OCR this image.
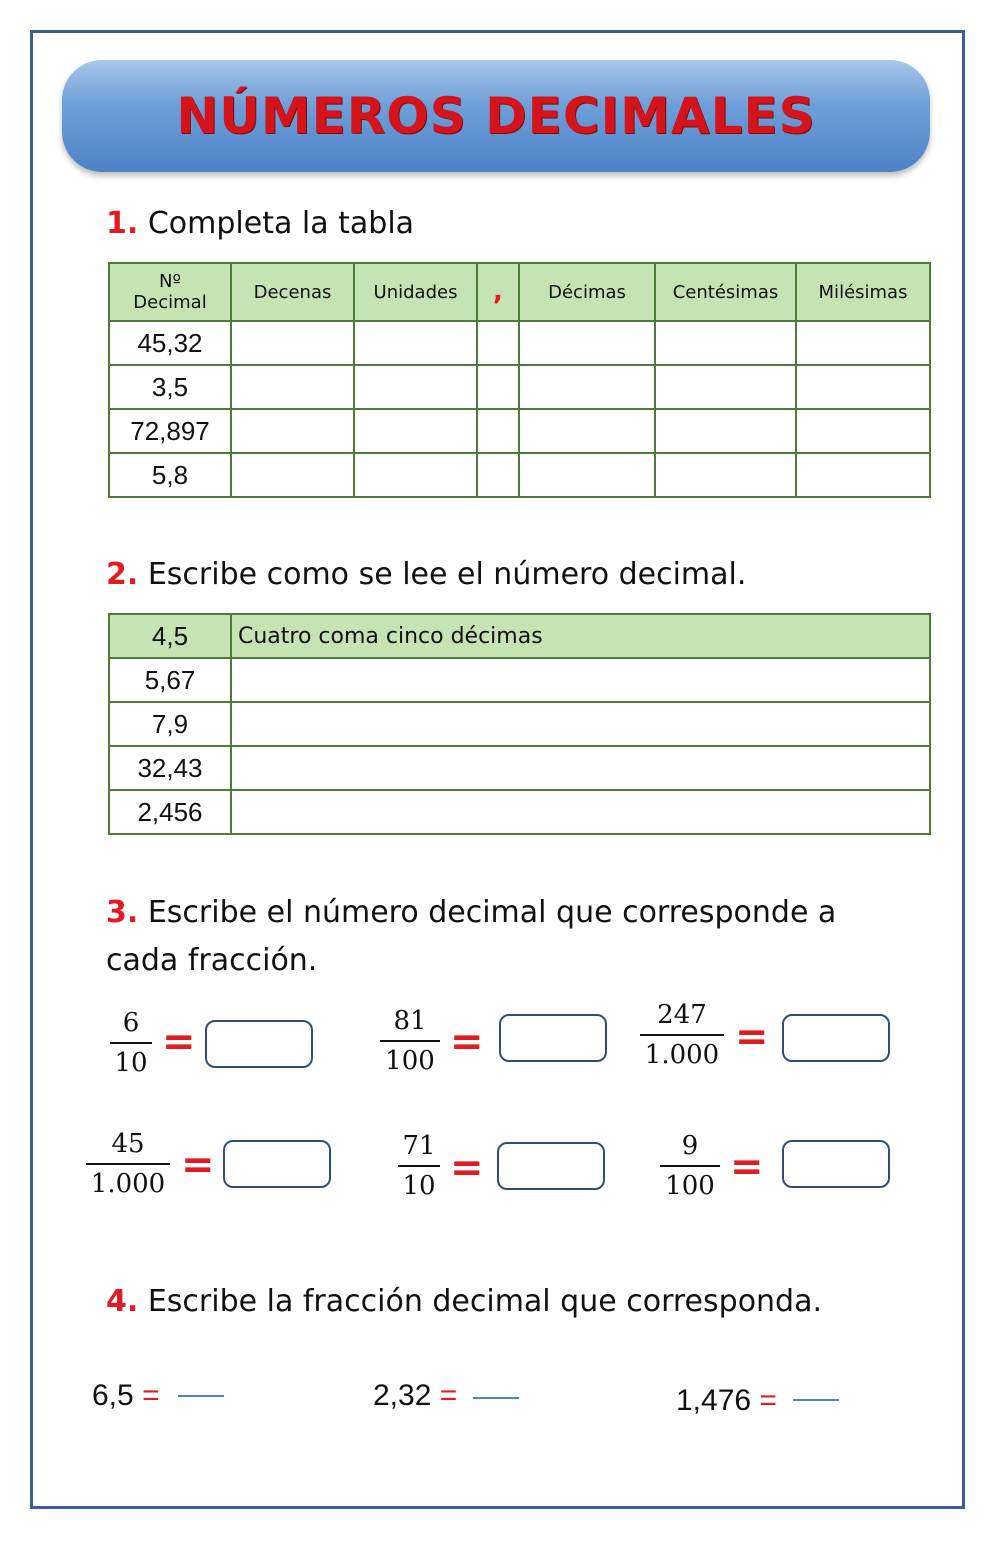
NÚMEROS DECIMALES
1. Completa la tabla
Nº Decimal	Decenas	Unidades	,	Décimas	Centésimas	Milésimas
45,32						
3,5						
72,897						
5,8						
2. Escribe como se lee el número decimal.
4,5	Cuatro coma cinco décimas
5,67	
7,9	
32,43	
2,456	
3. Escribe el número decimal que corresponde a
cada fracción.
6
10 =	81
100 =
247
1.000 =
45
1.000 =	71
10 =	9
100 =
4. Escribe la fracción decimal que corresponda.
6,5 =	2,32 =	1,476 =
